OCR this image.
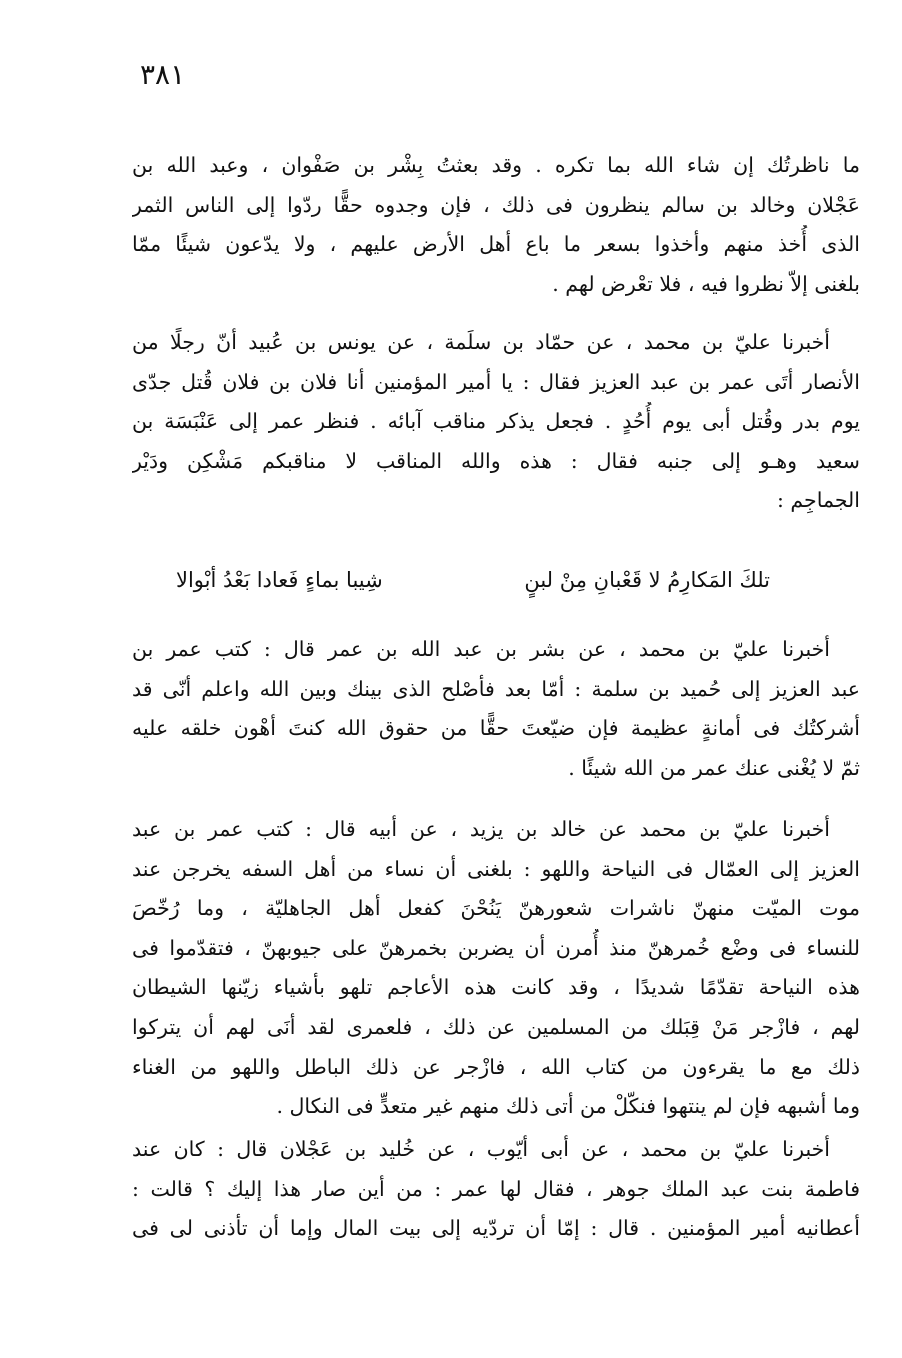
٣٨١
ما ناظرتُك إن شاء الله بما تكره . وقد بعثتُ بِشْر بن صَفْوان ، وعبد الله بن
عَجْلان وخالد بن سالم ينظرون فى ذلك ، فإن وجدوه حقًّا ردّوا إلى الناس الثمر
الذى أُخذ منهم وأخذوا بسعر ما باع أهل الأرض عليهم ، ولا يدّعون شيئًا ممّا
بلغنى إلاّ نظروا فيه ، فلا تعْرض لهم .
أخبرنا عليّ بن محمد ، عن حمّاد بن سلَمة ، عن يونس بن عُبيد أنّ رجلًا من
الأنصار أتَى عمر بن عبد العزيز فقال : يا أمير المؤمنين أنا فلان بن فلان قُتل جدّى
يوم بدر وقُتل أبى يوم أُحُدٍ . فجعل يذكر مناقب آبائه . فنظر عمر إلى عَنْبَسَة بن
سعيد وهـو إلى جنبه فقال : هذه والله المناقب لا مناقبكم مَشْكِن ودَيْر
الجماجِم :
تلكَ المَكارِمُ لا قَعْبانِ مِنْ لبنٍ
شِيبا بماءٍ فَعادا بَعْدُ أبْوالا
أخبرنا عليّ بن محمد ، عن بشر بن عبد الله بن عمر قال : كتب عمر بن
عبد العزيز إلى حُميد بن سلمة : أمّا بعد فأصْلح الذى بينك وبين الله واعلم أنّى قد
أشركتُك فى أمانةٍ عظيمة فإن ضيّعتَ حقًّا من حقوق الله كنتَ أهْون خلقه عليه
ثمّ لا يُغْنى عنك عمر من الله شيئًا .
أخبرنا عليّ بن محمد عن خالد بن يزيد ، عن أبيه قال : كتب عمر بن عبد
العزيز إلى العمّال فى النياحة واللهو : بلغنى أن نساء من أهل السفه يخرجن عند
موت الميّت منهنّ ناشرات شعورهنّ يَنُحْنَ كفعل أهل الجاهليّة ، وما رُخّصَ
للنساء فى وضْع خُمرهنّ منذ أُمرن أن يضربن بخمرهنّ على جيوبهنّ ، فتقدّموا فى
هذه النياحة تقدّمًا شديدًا ، وقد كانت هذه الأعاجم تلهو بأشياء زيّنها الشيطان
لهم ، فازْجر مَنْ قِبَلك من المسلمين عن ذلك ، فلعمرى لقد أنَى لهم أن يتركوا
ذلك مع ما يقرءون من كتاب الله ، فازْجر عن ذلك الباطل واللهو من الغناء
وما أشبهه فإن لم ينتهوا فنكّلْ من أتى ذلك منهم غير متعدٍّ فى النكال .
أخبرنا عليّ بن محمد ، عن أبى أيّوب ، عن خُليد بن عَجْلان قال : كان عند
فاطمة بنت عبد الملك جوهر ، فقال لها عمر : من أين صار هذا إليك ؟ قالت :
أعطانيه أمير المؤمنين . قال : إمّا أن تردّيه إلى بيت المال وإما أن تأذنى لى فى
